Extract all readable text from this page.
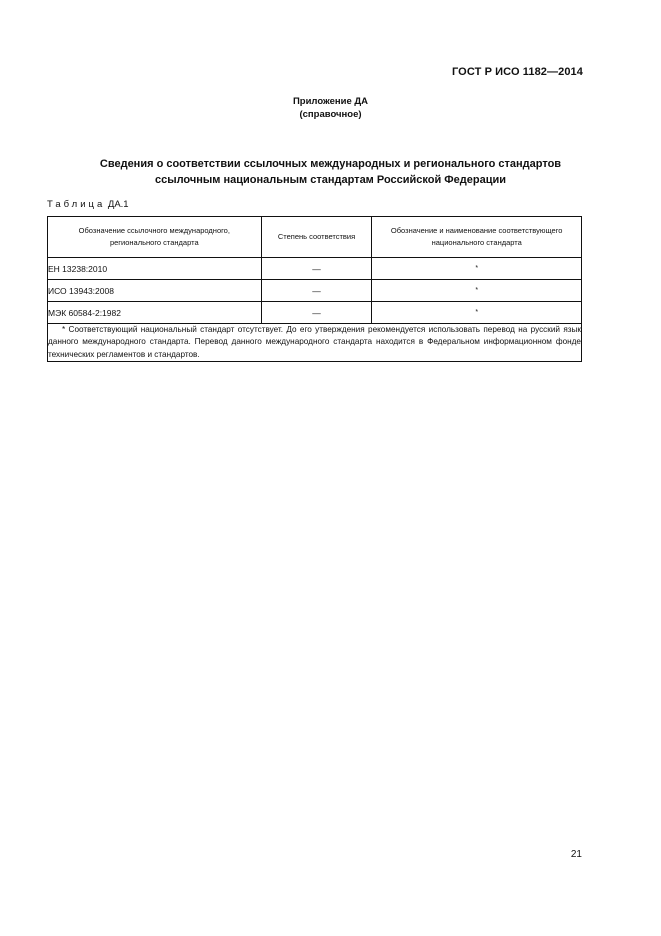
ГОСТ Р ИСО 1182—2014
Приложение ДА
(справочное)
Сведения о соответствии ссылочных международных и регионального стандартов
ссылочным национальным стандартам Российской Федерации
Таблица ДА.1
Обозначение ссылочного международного, регионального стандарта	Степень соответствия	Обозначение и наименование соответствующего национального стандарта

ЕН 13238:2010	—	*
ИСО 13943:2008	—	*
МЭК 60584-2:1982	—	*
* Соответствующий национальный стандарт отсутствует. До его утверждения рекомендуется использовать перевод на русский язык данного международного стандарта. Перевод данного международного стандарта находится в Федеральном информационном фонде технических регламентов и стандартов.		
21
